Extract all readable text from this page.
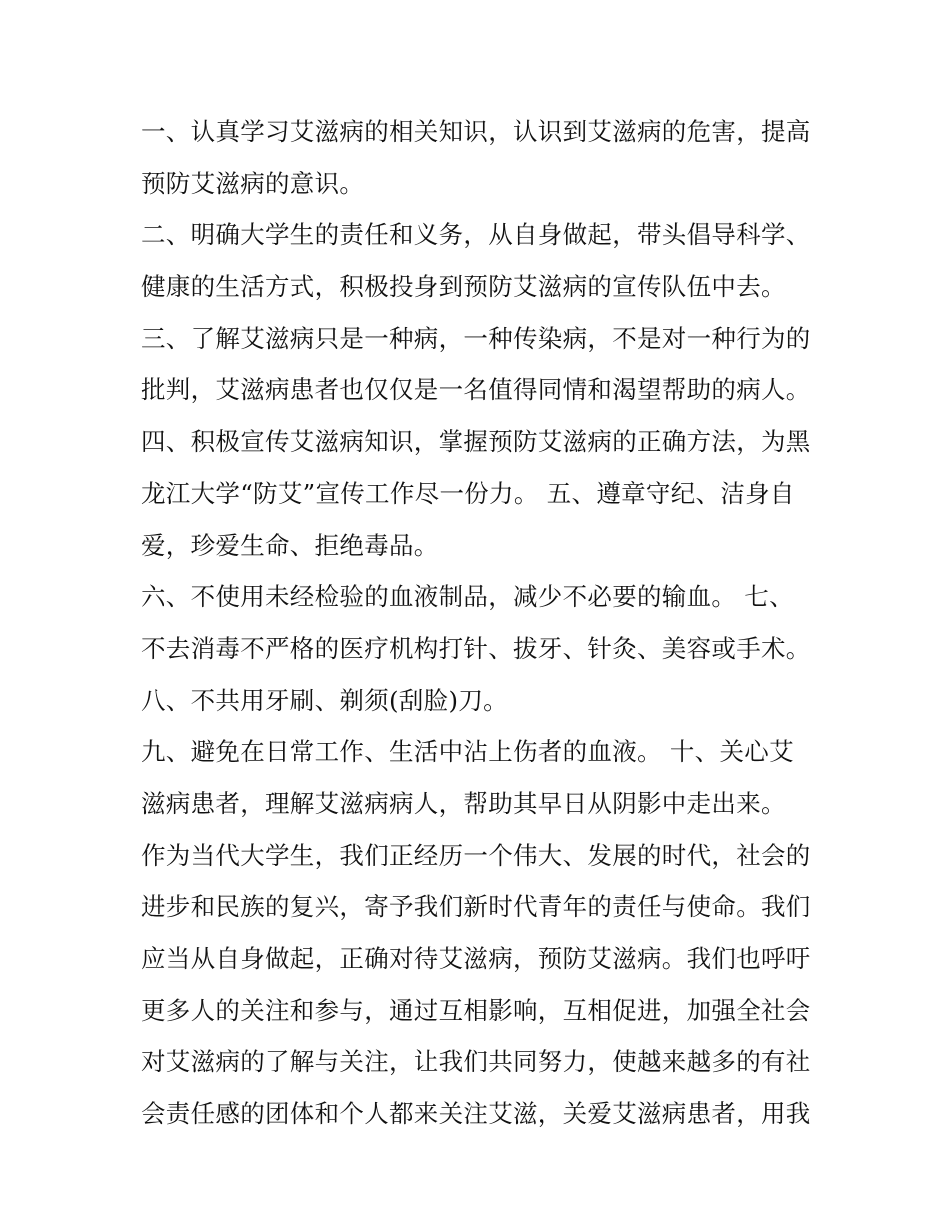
一、认真学习艾滋病的相关知识，认识到艾滋病的危害，提高
预防艾滋病的意识。
二、明确大学生的责任和义务，从自身做起，带头倡导科学、
健康的生活方式，积极投身到预防艾滋病的宣传队伍中去。
三、了解艾滋病只是一种病，一种传染病，不是对一种行为的
批判，艾滋病患者也仅仅是一名值得同情和渴望帮助的病人。
四、积极宣传艾滋病知识，掌握预防艾滋病的正确方法，为黑
龙江大学“防艾”宣传工作尽一份力。 五、遵章守纪、洁身自
爱，珍爱生命、拒绝毒品。
六、不使用未经检验的血液制品，减少不必要的输血。 七、
不去消毒不严格的医疗机构打针、拔牙、针灸、美容或手术。
八、不共用牙刷、剃须(刮脸)刀。
九、避免在日常工作、生活中沾上伤者的血液。 十、关心艾
滋病患者，理解艾滋病病人，帮助其早日从阴影中走出来。
作为当代大学生，我们正经历一个伟大、发展的时代，社会的
进步和民族的复兴，寄予我们新时代青年的责任与使命。我们
应当从自身做起，正确对待艾滋病，预防艾滋病。我们也呼吁
更多人的关注和参与，通过互相影响，互相促进，加强全社会
对艾滋病的了解与关注，让我们共同努力，使越来越多的有社
会责任感的团体和个人都来关注艾滋，关爱艾滋病患者，用我
